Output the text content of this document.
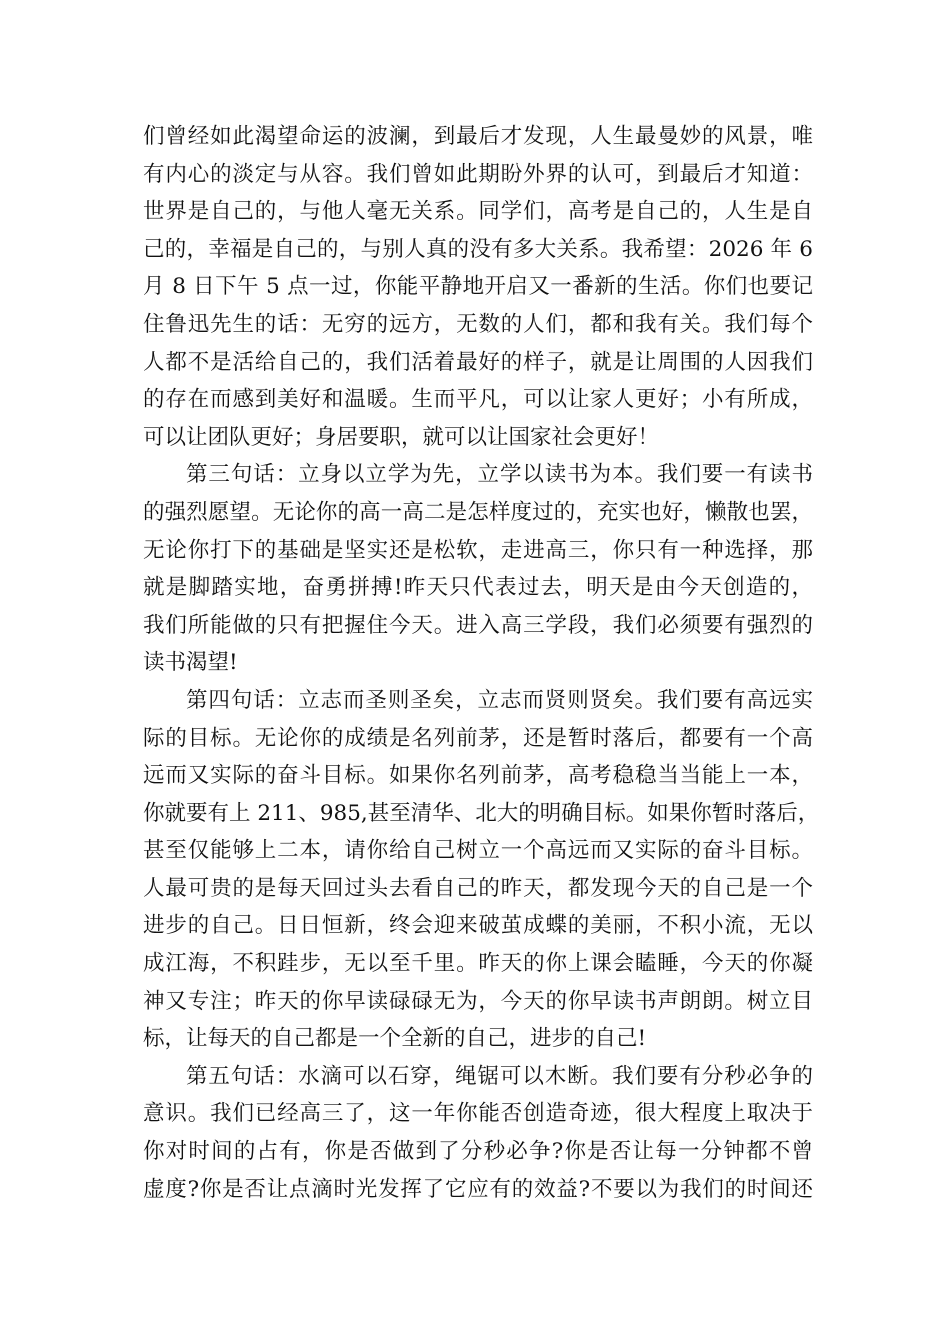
们曾经如此渴望命运的波澜，到最后才发现，人生最曼妙的风景，唯
有内心的淡定与从容。我们曾如此期盼外界的认可，到最后才知道：
世界是自己的，与他人毫无关系。同学们，高考是自己的，人生是自
己的，幸福是自己的，与别人真的没有多大关系。我希望：2026 年 6
月 8 日下午 5 点一过，你能平静地开启又一番新的生活。你们也要记
住鲁迅先生的话：无穷的远方，无数的人们，都和我有关。我们每个
人都不是活给自己的，我们活着最好的样子，就是让周围的人因我们
的存在而感到美好和温暖。生而平凡，可以让家人更好；小有所成，
可以让团队更好；身居要职，就可以让国家社会更好！
第三句话：立身以立学为先，立学以读书为本。我们要一有读书
的强烈愿望。无论你的高一高二是怎样度过的，充实也好，懒散也罢，
无论你打下的基础是坚实还是松软，走进高三，你只有一种选择，那
就是脚踏实地，奋勇拼搏!昨天只代表过去，明天是由今天创造的，
我们所能做的只有把握住今天。进入高三学段，我们必须要有强烈的
读书渴望!
第四句话：立志而圣则圣矣，立志而贤则贤矣。我们要有高远实
际的目标。无论你的成绩是名列前茅，还是暂时落后，都要有一个高
远而又实际的奋斗目标。如果你名列前茅，高考稳稳当当能上一本，
你就要有上 211、985,甚至清华、北大的明确目标。如果你暂时落后，
甚至仅能够上二本，请你给自己树立一个高远而又实际的奋斗目标。
人最可贵的是每天回过头去看自己的昨天，都发现今天的自己是一个
进步的自己。日日恒新，终会迎来破茧成蝶的美丽，不积小流，无以
成江海，不积跬步，无以至千里。昨天的你上课会瞌睡，今天的你凝
神又专注；昨天的你早读碌碌无为，今天的你早读书声朗朗。树立目
标，让每天的自己都是一个全新的自己，进步的自己!
第五句话：水滴可以石穿，绳锯可以木断。我们要有分秒必争的
意识。我们已经高三了，这一年你能否创造奇迹，很大程度上取决于
你对时间的占有，你是否做到了分秒必争?你是否让每一分钟都不曾
虚度?你是否让点滴时光发挥了它应有的效益?不要以为我们的时间还
